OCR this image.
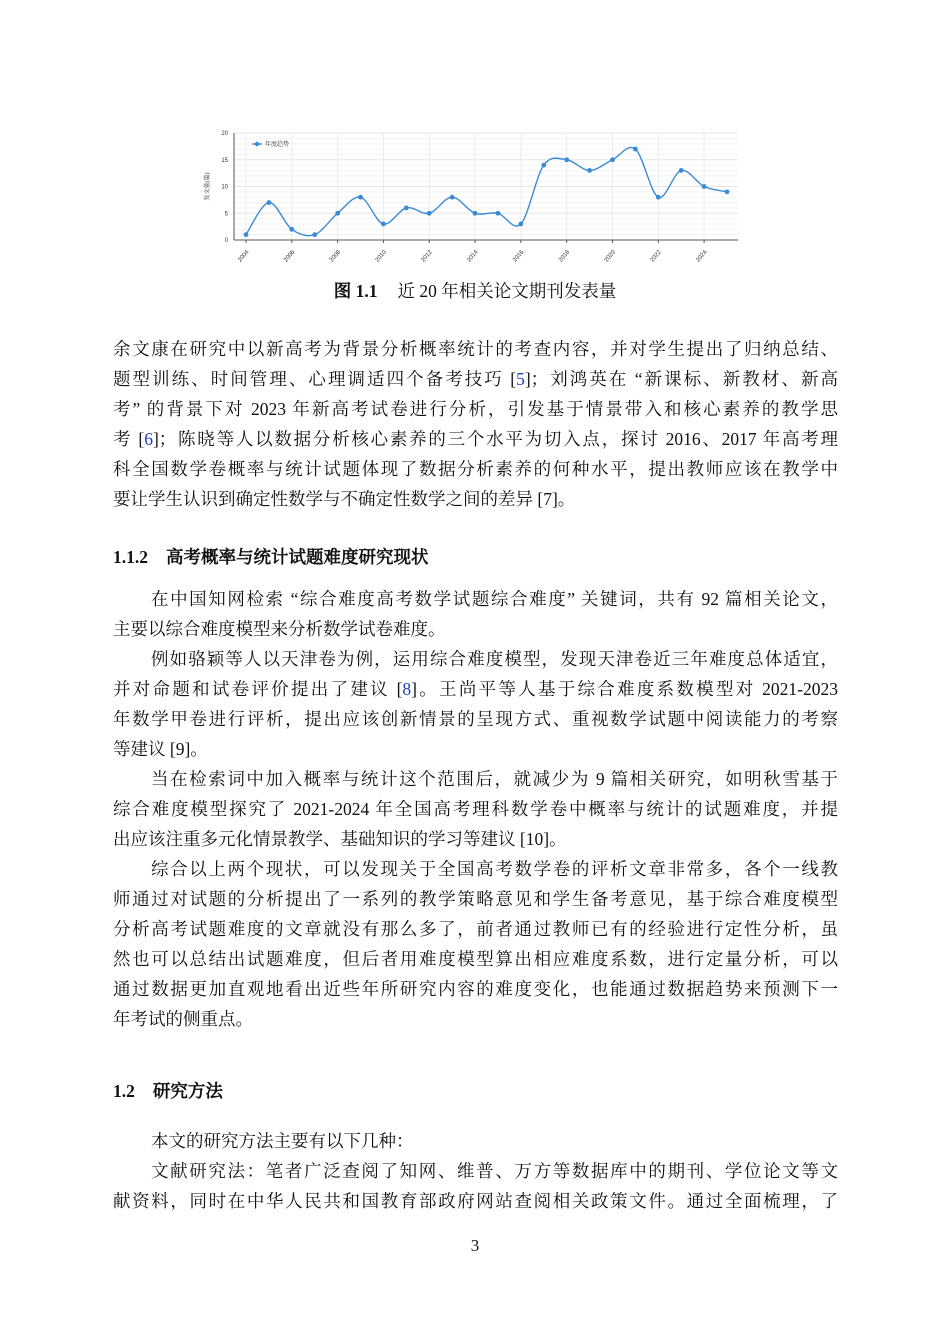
0
5
10
15
20
2004	2006	2008	2010	2012	2014	2016	2018	2020	2022	2024
发文量(篇)
年度趋势
图 1.1 近 20 年相关论文期刊发表量
余文康在研究中以新高考为背景分析概率统计的考查内容，并对学生提出了归纳总结、
题型训练、时间管理、心理调适四个备考技巧 [5]；刘鸿英在 “新课标、新教材、新高
考” 的背景下对 2023 年新高考试卷进行分析，引发基于情景带入和核心素养的教学思
考 [6]；陈晓等人以数据分析核心素养的三个水平为切入点，探讨 2016、2017 年高考理
科全国数学卷概率与统计试题体现了数据分析素养的何种水平，提出教师应该在教学中
要让学生认识到确定性数学与不确定性数学之间的差异 [7]。
1.1.2 高考概率与统计试题难度研究现状
在中国知网检索 “综合难度高考数学试题综合难度” 关键词，共有 92 篇相关论文，
主要以综合难度模型来分析数学试卷难度。
例如骆颖等人以天津卷为例，运用综合难度模型，发现天津卷近三年难度总体适宜，
并对命题和试卷评价提出了建议 [8]。王尚平等人基于综合难度系数模型对 2021-2023
年数学甲卷进行评析，提出应该创新情景的呈现方式、重视数学试题中阅读能力的考察
等建议 [9]。
当在检索词中加入概率与统计这个范围后，就减少为 9 篇相关研究，如明秋雪基于
综合难度模型探究了 2021-2024 年全国高考理科数学卷中概率与统计的试题难度，并提
出应该注重多元化情景教学、基础知识的学习等建议 [10]。
综合以上两个现状，可以发现关于全国高考数学卷的评析文章非常多，各个一线教
师通过对试题的分析提出了一系列的教学策略意见和学生备考意见，基于综合难度模型
分析高考试题难度的文章就没有那么多了，前者通过教师已有的经验进行定性分析，虽
然也可以总结出试题难度，但后者用难度模型算出相应难度系数，进行定量分析，可以
通过数据更加直观地看出近些年所研究内容的难度变化，也能通过数据趋势来预测下一
年考试的侧重点。
1.2 研究方法
本文的研究方法主要有以下几种：
文献研究法：笔者广泛查阅了知网、维普、万方等数据库中的期刊、学位论文等文
献资料，同时在中华人民共和国教育部政府网站查阅相关政策文件。通过全面梳理，了
3
